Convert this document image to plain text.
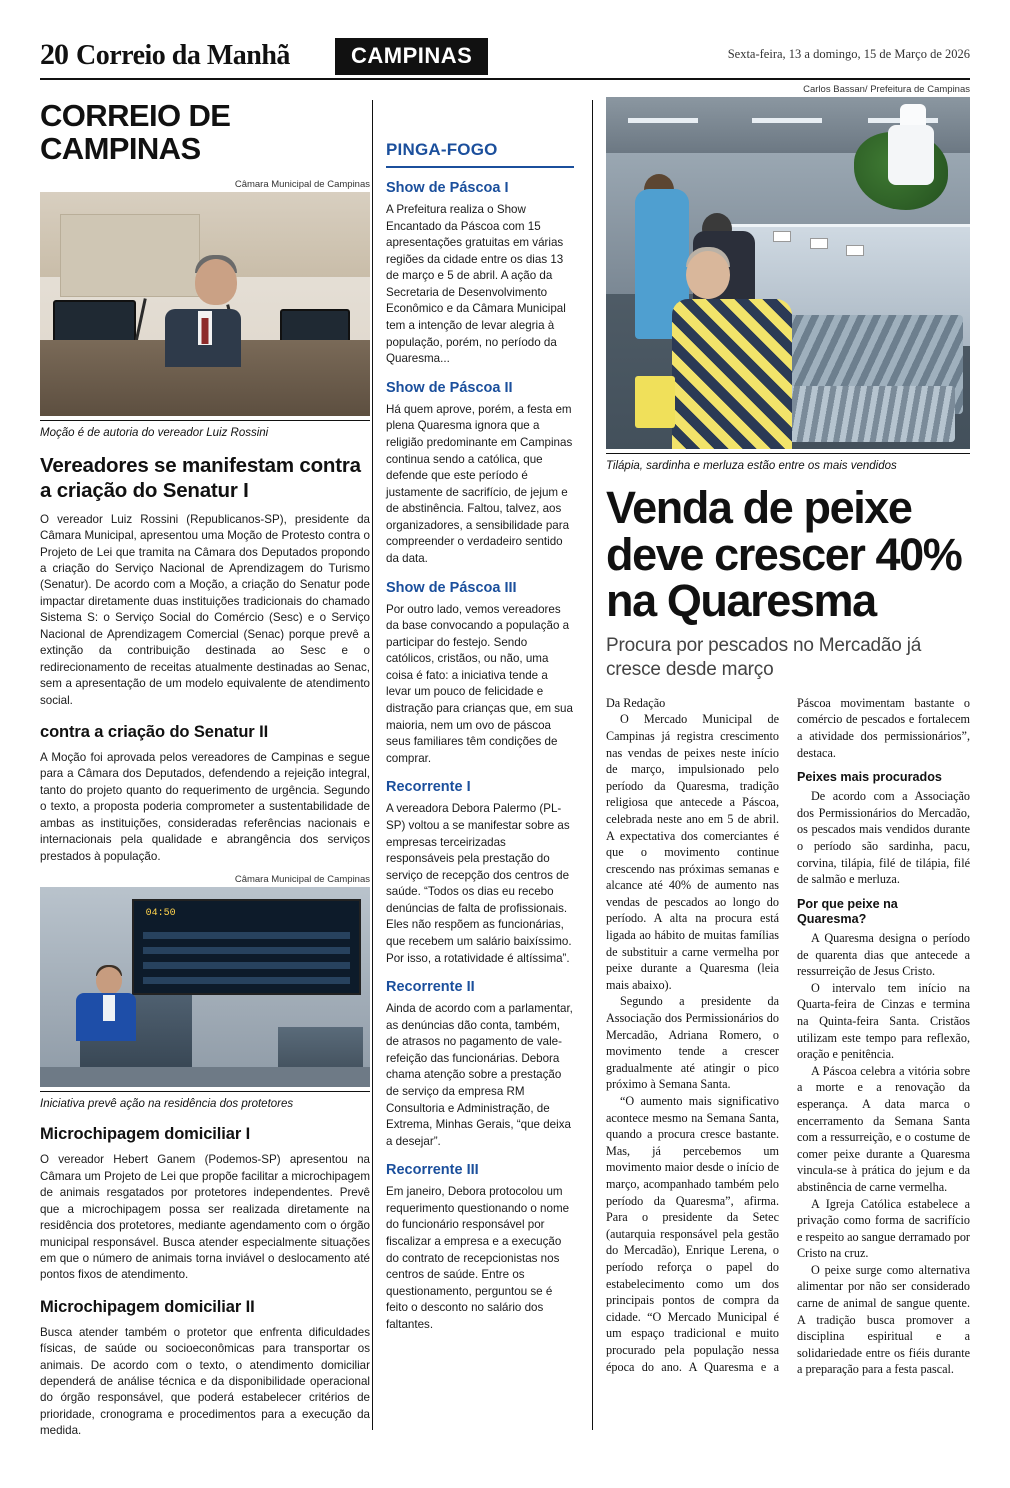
20 Correio da Manhã	CAMPINAS	Sexta-feira, 13 a domingo, 15 de Março de 2026
CORREIO DE CAMPINAS
Câmara Municipal de Campinas
Moção é de autoria do vereador Luiz Rossini
Vereadores se manifestam contra a criação do Senatur I

O vereador Luiz Rossini (Republicanos-SP), presidente da Câmara Municipal, apresentou uma Moção de Protesto contra o Projeto de Lei que tramita na Câmara dos Deputados propondo a criação do Serviço Nacional de Aprendizagem do Turismo (Senatur). De acordo com a Moção, a criação do Senatur pode impactar diretamente duas instituições tradicionais do chamado Sistema S: o Serviço Social do Comércio (Sesc) e o Serviço Nacional de Aprendizagem Comercial (Senac) porque prevê a extinção da contribuição destinada ao Sesc e o redirecionamento de receitas atualmente destinadas ao Senac, sem a apresentação de um modelo equivalente de atendimento social.

contra a criação do Senatur II

A Moção foi aprovada pelos vereadores de Campinas e segue para a Câmara dos Deputados, defendendo a rejeição integral, tanto do projeto quanto do requerimento de urgência. Segundo o texto, a proposta poderia comprometer a sustentabilidade de ambas as instituições, consideradas referências nacionais e internacionais pela qualidade e abrangência dos serviços prestados à população.

Câmara Municipal de Campinas
04:50
Iniciativa prevê ação na residência dos protetores
Microchipagem domiciliar I

O vereador Hebert Ganem (Podemos-SP) apresentou na Câmara um Projeto de Lei que propõe facilitar a microchipagem de animais resgatados por protetores independentes. Prevê que a microchipagem possa ser realizada diretamente na residência dos protetores, mediante agendamento com o órgão municipal responsável. Busca atender especialmente situações em que o número de animais torna inviável o deslocamento até pontos fixos de atendimento.

Microchipagem domiciliar II

Busca atender também o protetor que enfrenta dificuldades físicas, de saúde ou socioeconômicas para transportar os animais. De acordo com o texto, o atendimento domiciliar dependerá de análise técnica e da disponibilidade operacional do órgão responsável, que poderá estabelecer critérios de prioridade, cronograma e procedimentos para a execução da medida.

PINGA-FOGO
Show de Páscoa I

A Prefeitura realiza o Show Encantado da Páscoa com 15 apresentações gratuitas em várias regiões da cidade entre os dias 13 de março e 5 de abril. A ação da Secretaria de Desenvolvimento Econômico e da Câmara Municipal tem a intenção de levar alegria à população, porém, no período da Quaresma...

Show de Páscoa II

Há quem aprove, porém, a festa em plena Quaresma ignora que a religião predominante em Campinas continua sendo a católica, que defende que este período é justamente de sacrifício, de jejum e de abstinência. Faltou, talvez, aos organizadores, a sensibilidade para compreender o verdadeiro sentido da data.

Show de Páscoa III

Por outro lado, vemos vereadores da base convocando a população a participar do festejo. Sendo católicos, cristãos, ou não, uma coisa é fato: a iniciativa tende a levar um pouco de felicidade e distração para crianças que, em sua maioria, nem um ovo de páscoa seus familiares têm condições de comprar.

Recorrente I

A vereadora Debora Palermo (PL-SP) voltou a se manifestar sobre as empresas terceirizadas responsáveis pela prestação do serviço de recepção dos centros de saúde. “Todos os dias eu recebo denúncias de falta de profissionais. Eles não respõem as funcionárias, que recebem um salário baixíssimo. Por isso, a rotatividade é altíssima”.

Recorrente II

Ainda de acordo com a parlamentar, as denúncias dão conta, também, de atrasos no pagamento de vale-refeição das funcionárias. Debora chama atenção sobre a prestação de serviço da empresa RM Consultoria e Administração, de Extrema, Minhas Gerais, “que deixa a desejar”.

Recorrente III

Em janeiro, Debora protocolou um requerimento questionando o nome do funcionário responsável por fiscalizar a empresa e a execução do contrato de recepcionistas nos centros de saúde. Entre os questionamento, perguntou se é feito o desconto no salário dos faltantes.

Carlos Bassan/ Prefeitura de Campinas
Tilápia, sardinha e merluza estão entre os mais vendidos
Venda de peixe deve crescer 40% na Quaresma
Procura por pescados no Mercadão já cresce desde março

Da Redação

O Mercado Municipal de Campinas já registra crescimento nas vendas de peixes neste início de março, impulsionado pelo período da Quaresma, tradição religiosa que antecede a Páscoa, celebrada neste ano em 5 de abril. A expectativa dos comerciantes é que o movimento continue crescendo nas próximas semanas e alcance até 40% de aumento nas vendas de pescados ao longo do período. A alta na procura está ligada ao hábito de muitas famílias de substituir a carne vermelha por peixe durante a Quaresma (leia mais abaixo).

Segundo a presidente da Associação dos Permissionários do Mercadão, Adriana Romero, o movimento tende a crescer gradualmente até atingir o pico próximo à Semana Santa.

“O aumento mais significativo acontece mesmo na Semana Santa, quando a procura cresce bastante. Mas, já percebemos um movimento maior desde o início de março, acompanhado também pelo período da Quaresma”, afirma. Para o presidente da Setec (autarquia responsável pela gestão do Mercadão), Enrique Lerena, o período reforça o papel do estabelecimento como um dos principais pontos de compra da cidade. “O Mercado Municipal é um espaço tradicional e muito procurado pela população nessa época do ano. A Quaresma e a Páscoa movimentam bastante o comércio de pescados e fortalecem a atividade dos permissionários”, destaca.

Peixes mais procurados

De acordo com a Associação dos Permissionários do Mercadão, os pescados mais vendidos durante o período são sardinha, pacu, corvina, tilápia, filé de tilápia, filé de salmão e merluza.

Por que peixe na Quaresma?

A Quaresma designa o período de quarenta dias que antecede a ressurreição de Jesus Cristo.

O intervalo tem início na Quarta-feira de Cinzas e termina na Quinta-feira Santa. Cristãos utilizam este tempo para reflexão, oração e penitência.

A Páscoa celebra a vitória sobre a morte e a renovação da esperança. A data marca o encerramento da Semana Santa com a ressurreição, e o costume de comer peixe durante a Quaresma vincula-se à prática do jejum e da abstinência de carne vermelha.

A Igreja Católica estabelece a privação como forma de sacrifício e respeito ao sangue derramado por Cristo na cruz.

O peixe surge como alternativa alimentar por não ser considerado carne de animal de sangue quente. A tradição busca promover a disciplina espiritual e a solidariedade entre os fiéis durante a preparação para a festa pascal.
